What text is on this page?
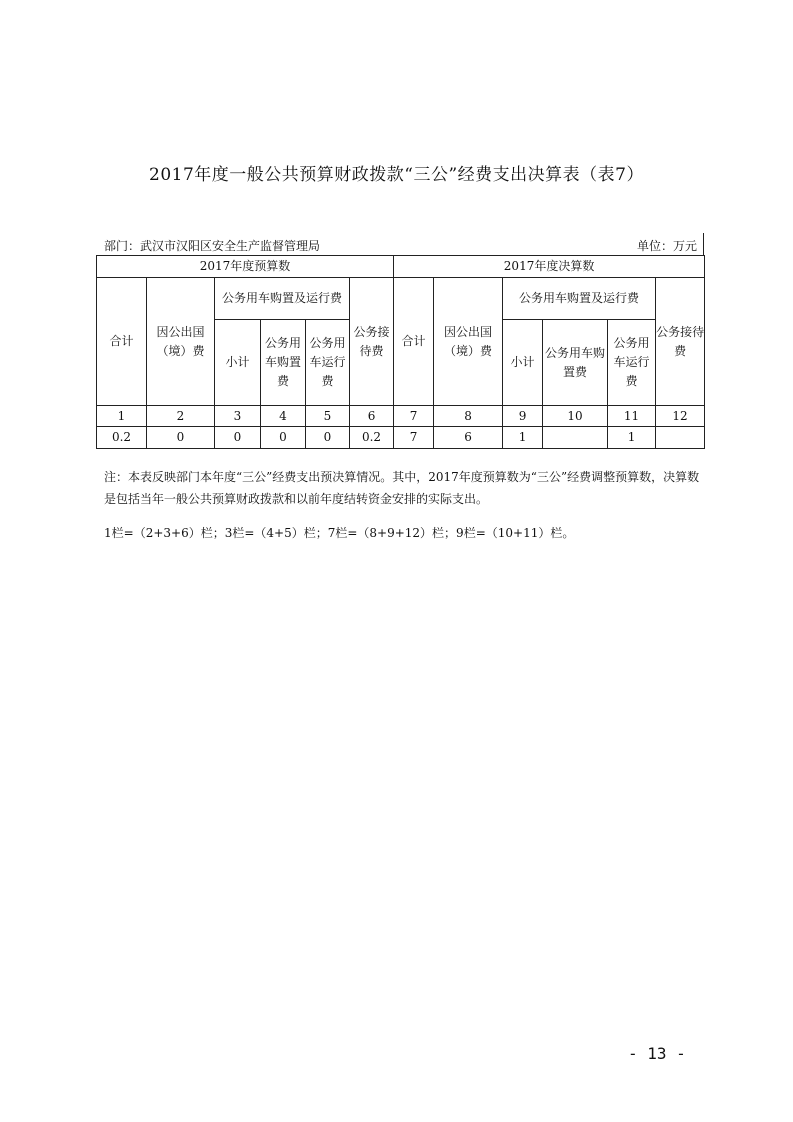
2017年度一般公共预算财政拨款“三公”经费支出决算表（表7）
部门：武汉市汉阳区安全生产监督管理局	单位：万元
2017年度预算数						2017年度决算数					
合计	因公出国（境）费	公务用车购置及运行费			公务接待费	合计	因公出国（境）费	公务用车购置及运行费			公务接待费
		小计	公务用车购置费	公务用车运行费				小计	公务用车购置费	公务用车运行费	
1	2	3	4	5	6	7	8	9	10	11	12
0.2	0	0	0	0	0.2	7	6	1		1	
注：本表反映部门本年度“三公”经费支出预决算情况。其中，2017年度预算数为“三公”经费调整预算数，决算数是包括当年一般公共预算财政拨款和以前年度结转资金安排的实际支出。
1栏=（2+3+6）栏；3栏=（4+5）栏；7栏=（8+9+12）栏；9栏=（10+11）栏。
- 13 -
